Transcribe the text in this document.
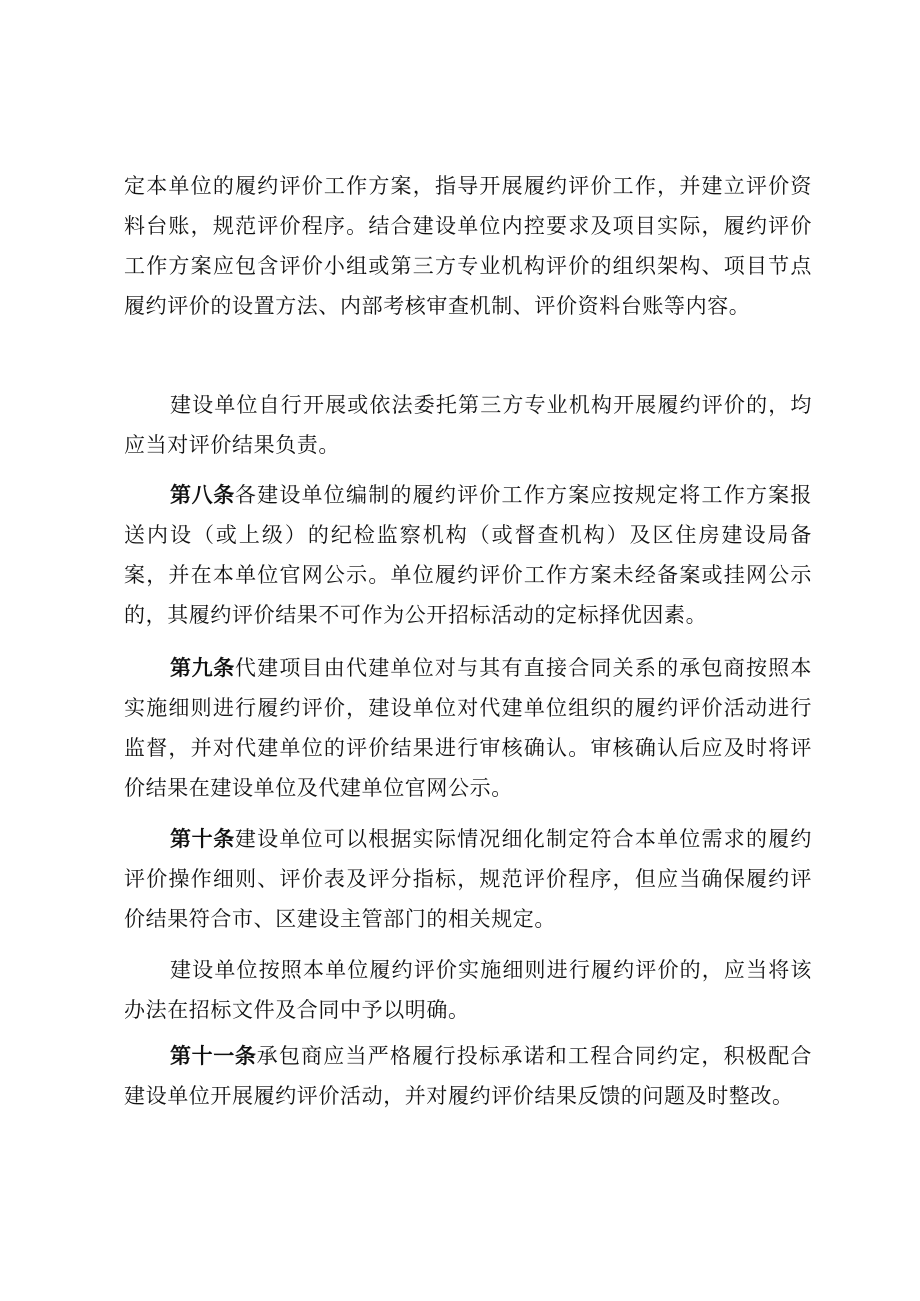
定本单位的履约评价工作方案，指导开展履约评价工作，并建立评价资料台账，规范评价程序。结合建设单位内控要求及项目实际，履约评价工作方案应包含评价小组或第三方专业机构评价的组织架构、项目节点履约评价的设置方法、内部考核审查机制、评价资料台账等内容。

建设单位自行开展或依法委托第三方专业机构开展履约评价的，均应当对评价结果负责。

第八条各建设单位编制的履约评价工作方案应按规定将工作方案报送内设（或上级）的纪检监察机构（或督查机构）及区住房建设局备案，并在本单位官网公示。单位履约评价工作方案未经备案或挂网公示的，其履约评价结果不可作为公开招标活动的定标择优因素。

第九条代建项目由代建单位对与其有直接合同关系的承包商按照本实施细则进行履约评价，建设单位对代建单位组织的履约评价活动进行监督，并对代建单位的评价结果进行审核确认。审核确认后应及时将评价结果在建设单位及代建单位官网公示。

第十条建设单位可以根据实际情况细化制定符合本单位需求的履约评价操作细则、评价表及评分指标，规范评价程序，但应当确保履约评价结果符合市、区建设主管部门的相关规定。

建设单位按照本单位履约评价实施细则进行履约评价的，应当将该办法在招标文件及合同中予以明确。

第十一条承包商应当严格履行投标承诺和工程合同约定，积极配合建设单位开展履约评价活动，并对履约评价结果反馈的问题及时整改。
